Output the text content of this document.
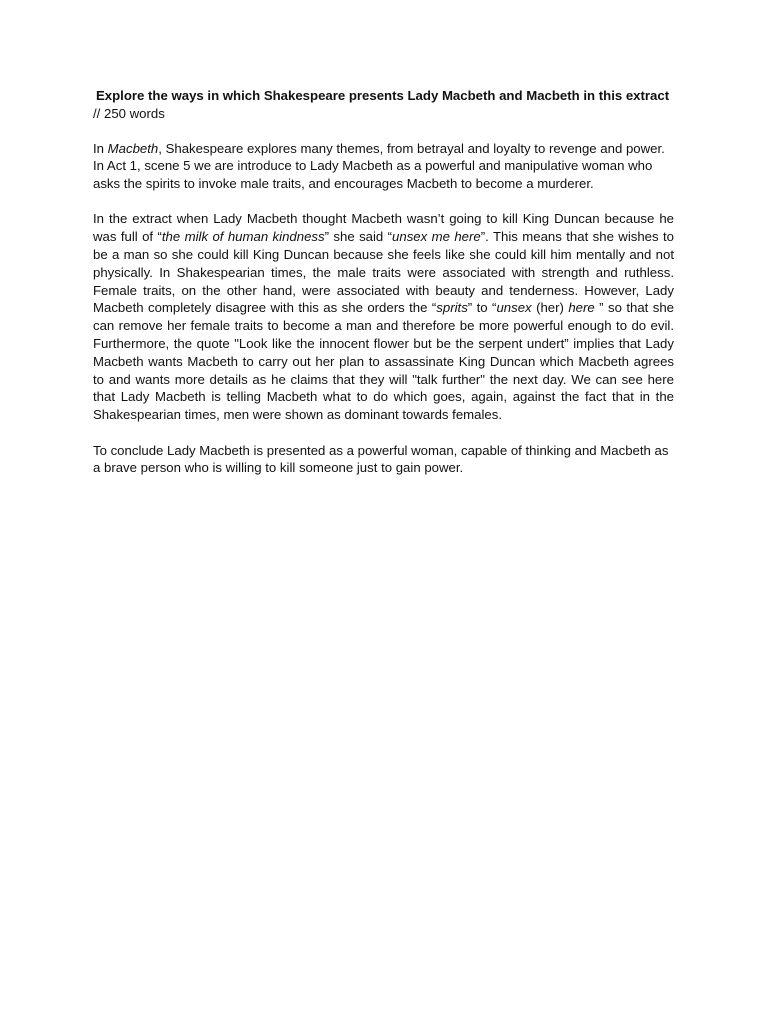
Explore the ways in which Shakespeare presents Lady Macbeth and Macbeth in this extract // 250 words

In Macbeth, Shakespeare explores many themes, from betrayal and loyalty to revenge and power. In Act 1, scene 5 we are introduce to Lady Macbeth as a powerful and manipulative woman who asks the spirits to invoke male traits, and encourages Macbeth to become a murderer.

In the extract when Lady Macbeth thought Macbeth wasn’t going to kill King Duncan because he was full of “the milk of human kindness” she said “unsex me here”. This means that she wishes to be a man so she could kill King Duncan because she feels like she could kill him mentally and not physically. In Shakespearian times, the male traits were associated with strength and ruthless. Female traits, on the other hand, were associated with beauty and tenderness. However, Lady Macbeth completely disagree with this as she orders the “sprits” to “unsex (her) here ” so that she can remove her female traits to become a man and therefore be more powerful enough to do evil. Furthermore, the quote "Look like the innocent flower but be the serpent undert” implies that Lady Macbeth wants Macbeth to carry out her plan to assassinate King Duncan which Macbeth agrees to and wants more details as he claims that they will "talk further" the next day. We can see here that Lady Macbeth is telling Macbeth what to do which goes, again, against the fact that in the Shakespearian times, men were shown as dominant towards females.

To conclude Lady Macbeth is presented as a powerful woman, capable of thinking and Macbeth as a brave person who is willing to kill someone just to gain power.
